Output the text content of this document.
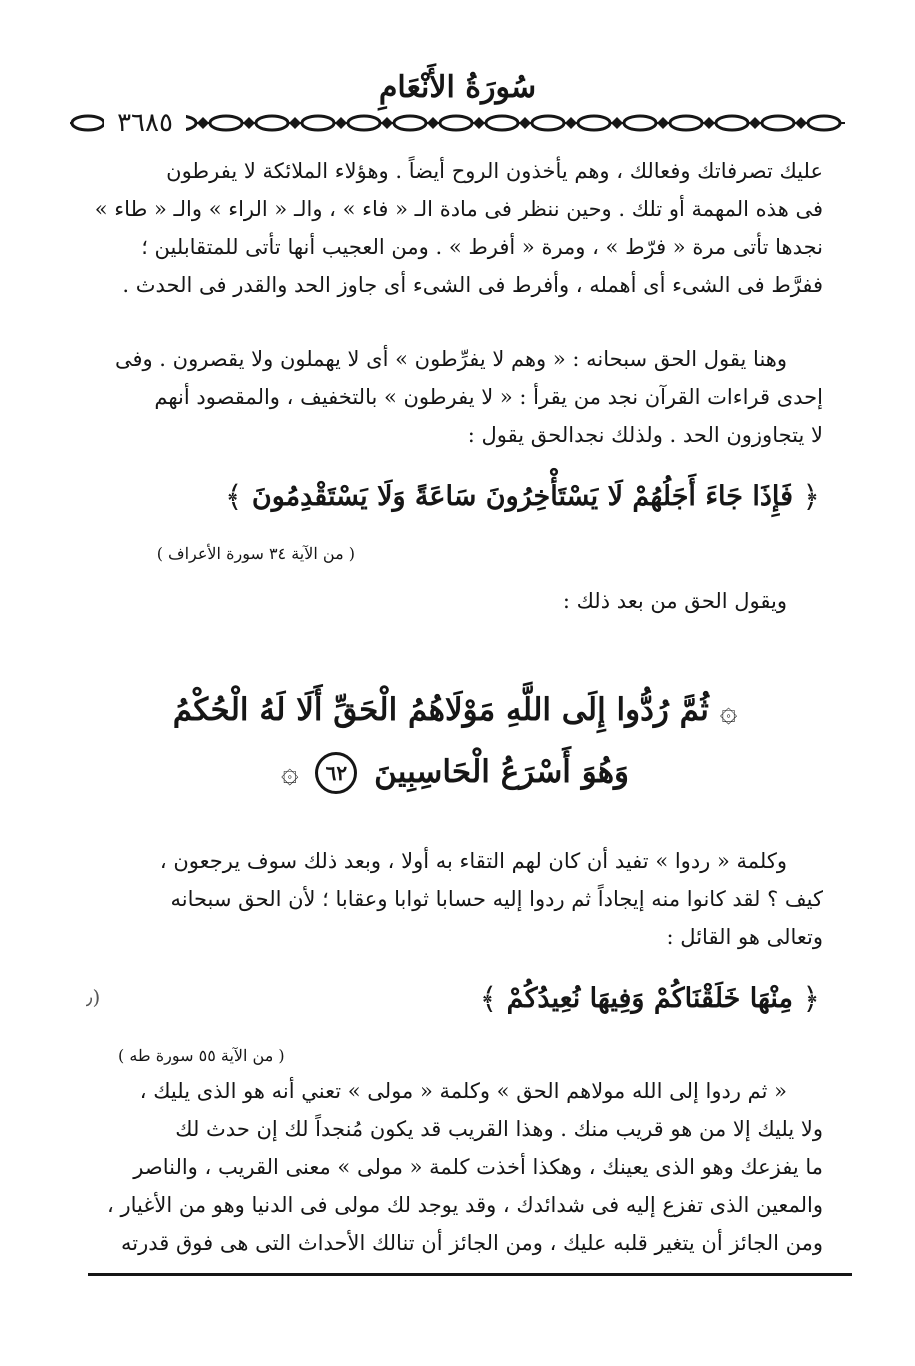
سُورَةُ الأَنْعَامِ
٣٦٨٥
عليك تصرفاتك وفعالك ، وهم يأخذون الروح أيضاً . وهؤلاء الملائكة لا يفرطون
فى هذه المهمة أو تلك . وحين ننظر فى مادة الـ « فاء » ، والـ « الراء » والـ « طاء »
نجدها تأتى مرة « فرّط » ، ومرة « أفرط » . ومن العجيب أنها تأتى للمتقابلين ؛
ففرَّط فى الشىء أى أهمله ، وأفرط فى الشىء أى جاوز الحد والقدر فى الحدث .
وهنا يقول الحق سبحانه : « وهم لا يفرِّطون » أى لا يهملون ولا يقصرون . وفى
إحدى قراءات القرآن نجد من يقرأ : « لا يفرطون » بالتخفيف ، والمقصود أنهم
لا يتجاوزون الحد . ولذلك نجدالحق يقول :
﴿ فَإِذَا جَاءَ أَجَلُهُمْ لَا يَسْتَأْخِرُونَ سَاعَةً وَلَا يَسْتَقْدِمُونَ ﴾
( من الآية ٣٤ سورة الأعراف )
ويقول الحق من بعد ذلك :
۞ ثُمَّ رُدُّوا إِلَى اللَّهِ مَوْلَاهُمُ الْحَقِّ أَلَا لَهُ الْحُكْمُ
وَهُوَ أَسْرَعُ الْحَاسِبِينَ ٦٢ ۞
وكلمة « ردوا » تفيد أن كان لهم التقاء به أولا ، وبعد ذلك سوف يرجعون ،
كيف ؟ لقد كانوا منه إيجاداً ثم ردوا إليه حسابا ثوابا وعقابا ؛ لأن الحق سبحانه
وتعالى هو القائل :
﴿ مِنْهَا خَلَقْنَاكُمْ وَفِيهَا نُعِيدُكُمْ ﴾
(٫
( من الآية ٥٥ سورة طه )
« ثم ردوا إلى الله مولاهم الحق » وكلمة « مولى » تعني أنه هو الذى يليك ،
ولا يليك إلا من هو قريب منك . وهذا القريب قد يكون مُنجداً لك إن حدث لك
ما يفزعك وهو الذى يعينك ، وهكذا أخذت كلمة « مولى » معنى القريب ، والناصر
والمعين الذى تفزع إليه فى شدائدك ، وقد يوجد لك مولى فى الدنيا وهو من الأغيار ،
ومن الجائز أن يتغير قلبه عليك ، ومن الجائز أن تنالك الأحداث التى هى فوق قدرته
